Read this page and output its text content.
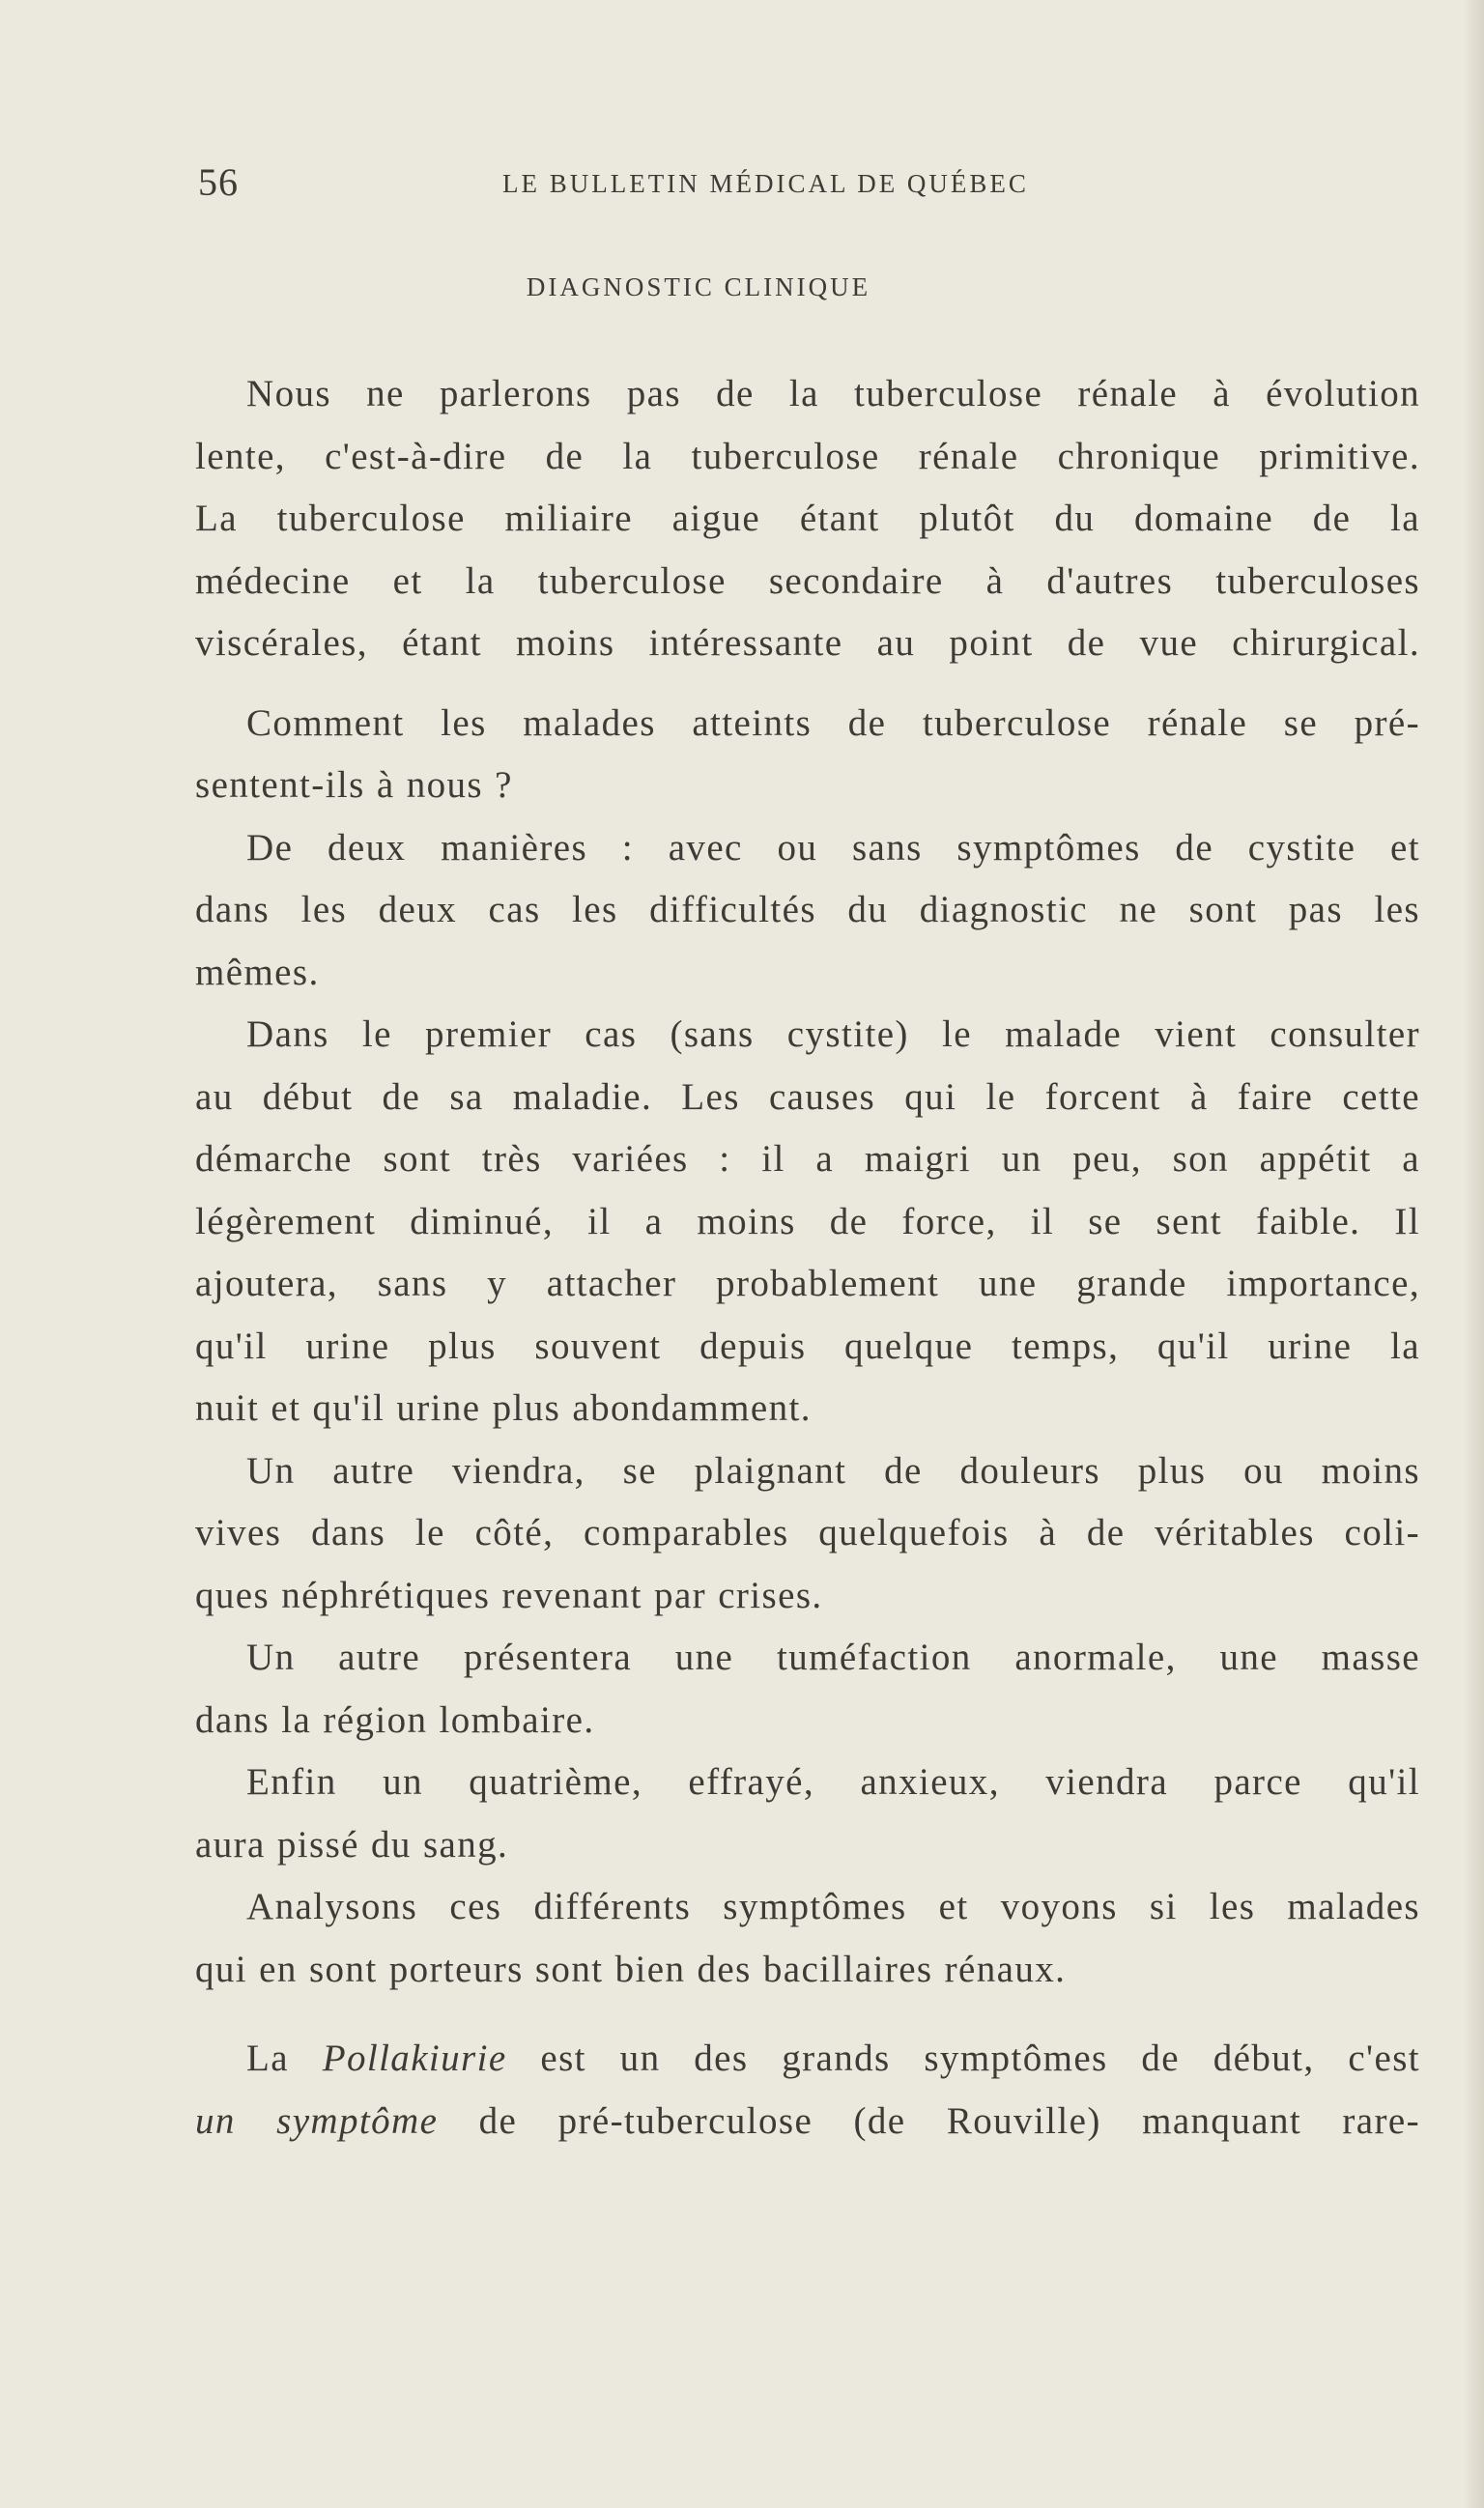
56	LE BULLETIN MÉDICAL DE QUÉBEC
DIAGNOSTIC CLINIQUE
Nous ne parlerons pas de la tuberculose rénale à évolution
lente, c'est-à-dire de la tuberculose rénale chronique primitive.
La tuberculose miliaire aigue étant plutôt du domaine de la
médecine et la tuberculose secondaire à d'autres tuberculoses
viscérales, étant moins intéressante au point de vue chirurgical.
Comment les malades atteints de tuberculose rénale se pré-
sentent-ils à nous ?
De deux manières : avec ou sans symptômes de cystite et
dans les deux cas les difficultés du diagnostic ne sont pas les
mêmes.
Dans le premier cas (sans cystite) le malade vient consulter
au début de sa maladie. Les causes qui le forcent à faire cette
démarche sont très variées : il a maigri un peu, son appétit a
légèrement diminué, il a moins de force, il se sent faible. Il
ajoutera, sans y attacher probablement une grande importance,
qu'il urine plus souvent depuis quelque temps, qu'il urine la
nuit et qu'il urine plus abondamment.
Un autre viendra, se plaignant de douleurs plus ou moins
vives dans le côté, comparables quelquefois à de véritables coli-
ques néphrétiques revenant par crises.
Un autre présentera une tuméfaction anormale, une masse
dans la région lombaire.
Enfin un quatrième, effrayé, anxieux, viendra parce qu'il
aura pissé du sang.
Analysons ces différents symptômes et voyons si les malades
qui en sont porteurs sont bien des bacillaires rénaux.
La Pollakiurie est un des grands symptômes de début, c'est
un symptôme de pré-tuberculose (de Rouville) manquant rare-
